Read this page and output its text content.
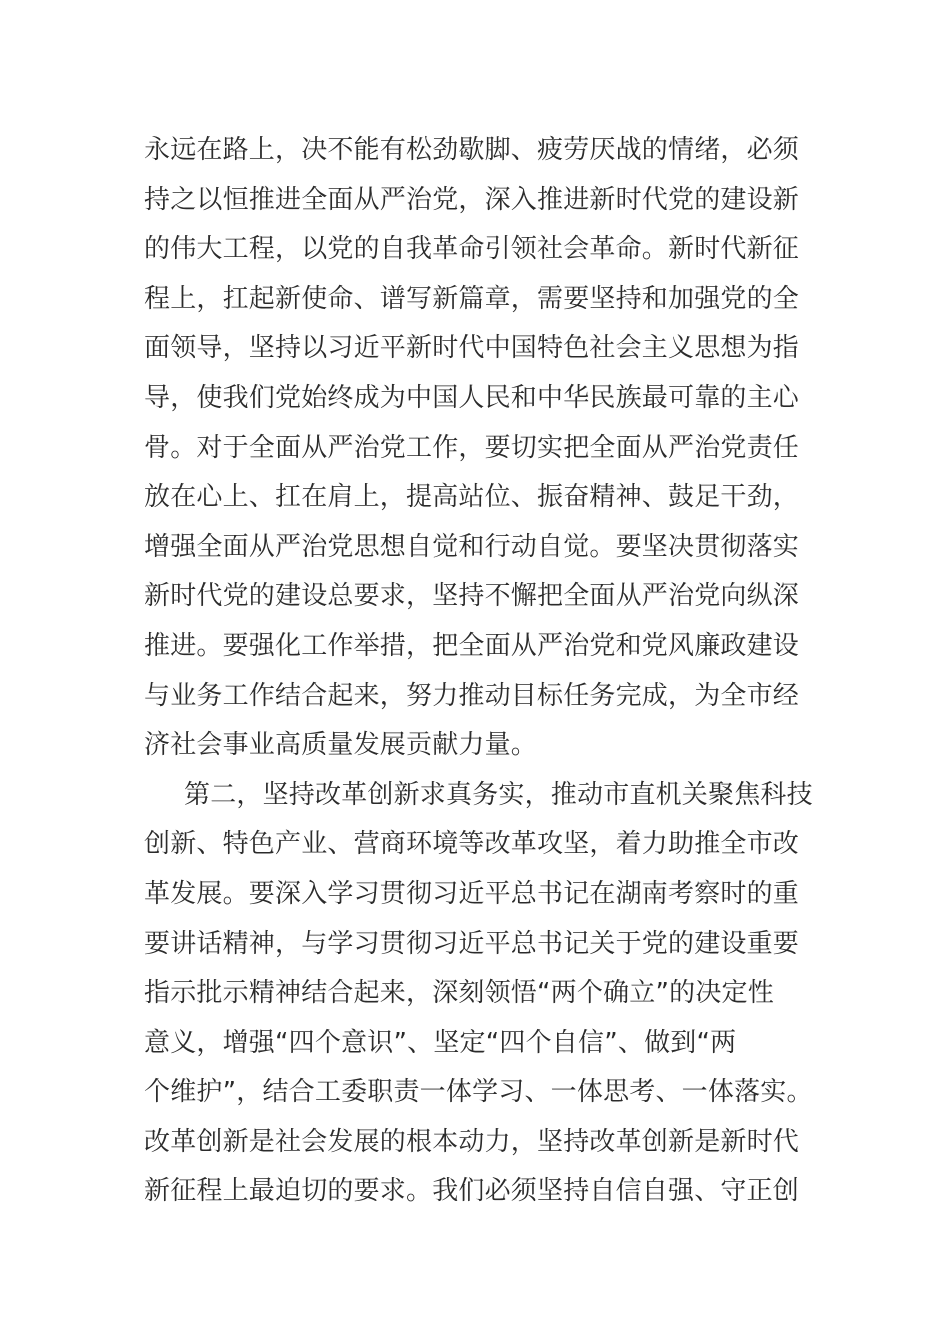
永远在路上，决不能有松劲歇脚、疲劳厌战的情绪，必须
持之以恒推进全面从严治党，深入推进新时代党的建设新
的伟大工程，以党的自我革命引领社会革命。新时代新征
程上，扛起新使命、谱写新篇章，需要坚持和加强党的全
面领导，坚持以习近平新时代中国特色社会主义思想为指
导，使我们党始终成为中国人民和中华民族最可靠的主心
骨。对于全面从严治党工作，要切实把全面从严治党责任
放在心上、扛在肩上，提高站位、振奋精神、鼓足干劲，
增强全面从严治党思想自觉和行动自觉。要坚决贯彻落实
新时代党的建设总要求，坚持不懈把全面从严治党向纵深
推进。要强化工作举措，把全面从严治党和党风廉政建设
与业务工作结合起来，努力推动目标任务完成，为全市经
济社会事业高质量发展贡献力量。
第二，坚持改革创新求真务实，推动市直机关聚焦科技
创新、特色产业、营商环境等改革攻坚，着力助推全市改
革发展。要深入学习贯彻习近平总书记在湖南考察时的重
要讲话精神，与学习贯彻习近平总书记关于党的建设重要
指示批示精神结合起来，深刻领悟“两个确立”的决定性
意义，增强“四个意识”、坚定“四个自信”、做到“两
个维护”，结合工委职责一体学习、一体思考、一体落实。
改革创新是社会发展的根本动力，坚持改革创新是新时代
新征程上最迫切的要求。我们必须坚持自信自强、守正创
